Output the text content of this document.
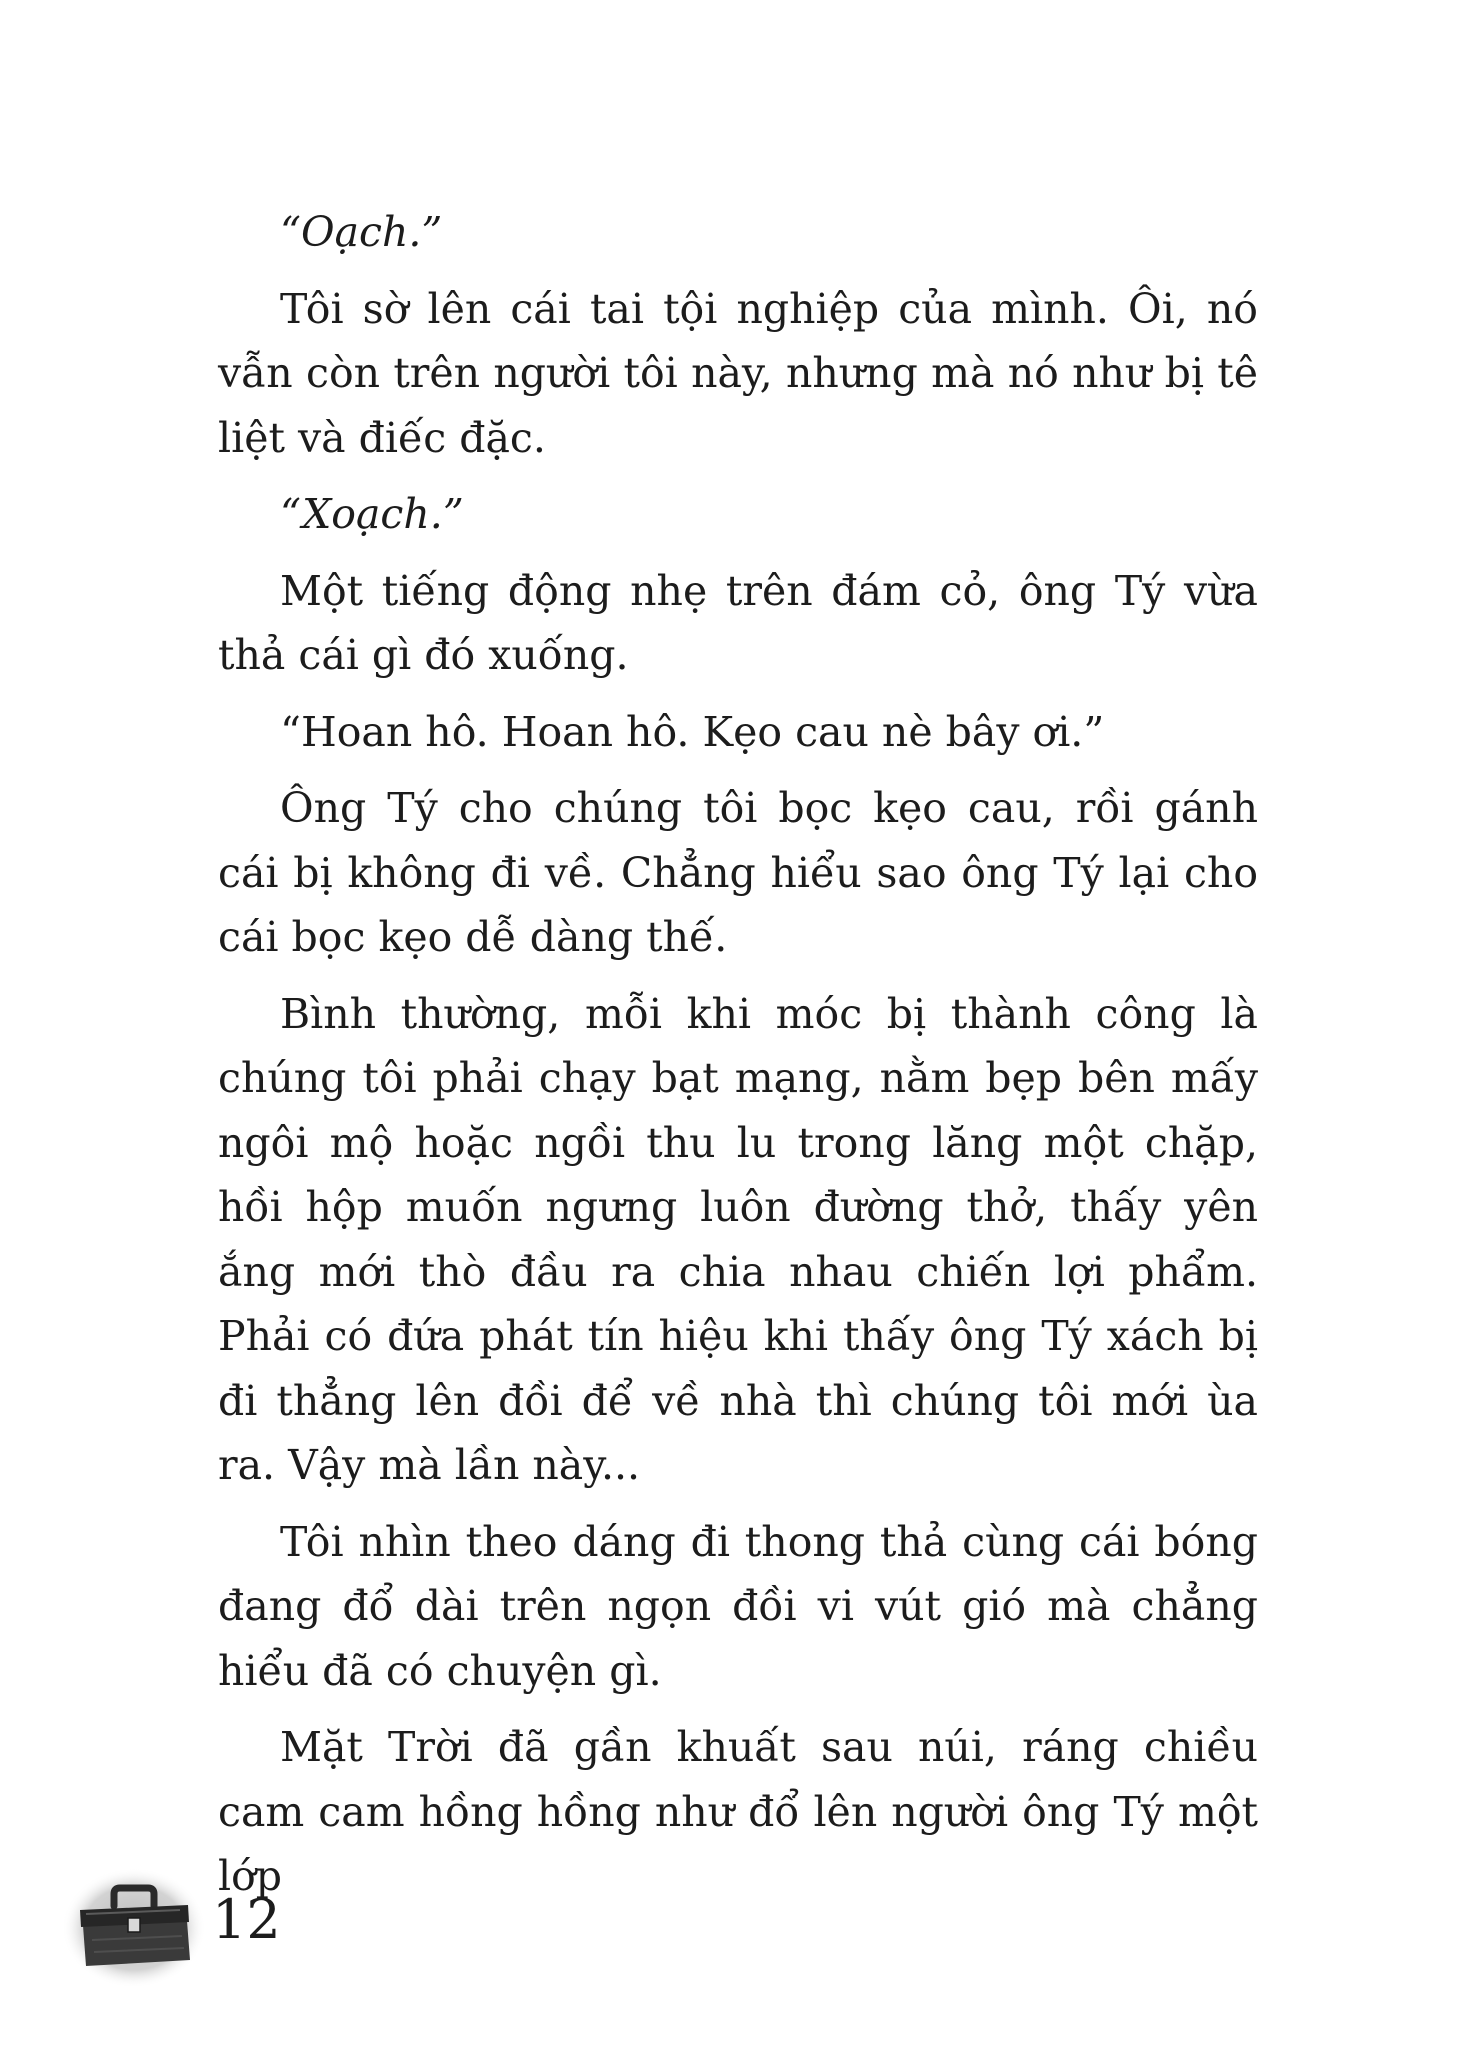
“Oạch.”

Tôi sờ lên cái tai tội nghiệp của mình. Ôi, nó vẫn còn trên người tôi này, nhưng mà nó như bị tê liệt và điếc đặc.

“Xoạch.”

Một tiếng động nhẹ trên đám cỏ, ông Tý vừa thả cái gì đó xuống.

“Hoan hô. Hoan hô. Kẹo cau nè bây ơi.”

Ông Tý cho chúng tôi bọc kẹo cau, rồi gánh cái bị không đi về. Chẳng hiểu sao ông Tý lại cho cái bọc kẹo dễ dàng thế.

Bình thường, mỗi khi móc bị thành công là chúng tôi phải chạy bạt mạng, nằm bẹp bên mấy ngôi mộ hoặc ngồi thu lu trong lăng một chặp, hồi hộp muốn ngưng luôn đường thở, thấy yên ắng mới thò đầu ra chia nhau chiến lợi phẩm. Phải có đứa phát tín hiệu khi thấy ông Tý xách bị đi thẳng lên đồi để về nhà thì chúng tôi mới ùa ra. Vậy mà lần này...

Tôi nhìn theo dáng đi thong thả cùng cái bóng đang đổ dài trên ngọn đồi vi vút gió mà chẳng hiểu đã có chuyện gì.

Mặt Trời đã gần khuất sau núi, ráng chiều cam cam hồng hồng như đổ lên người ông Tý một lớp

12
